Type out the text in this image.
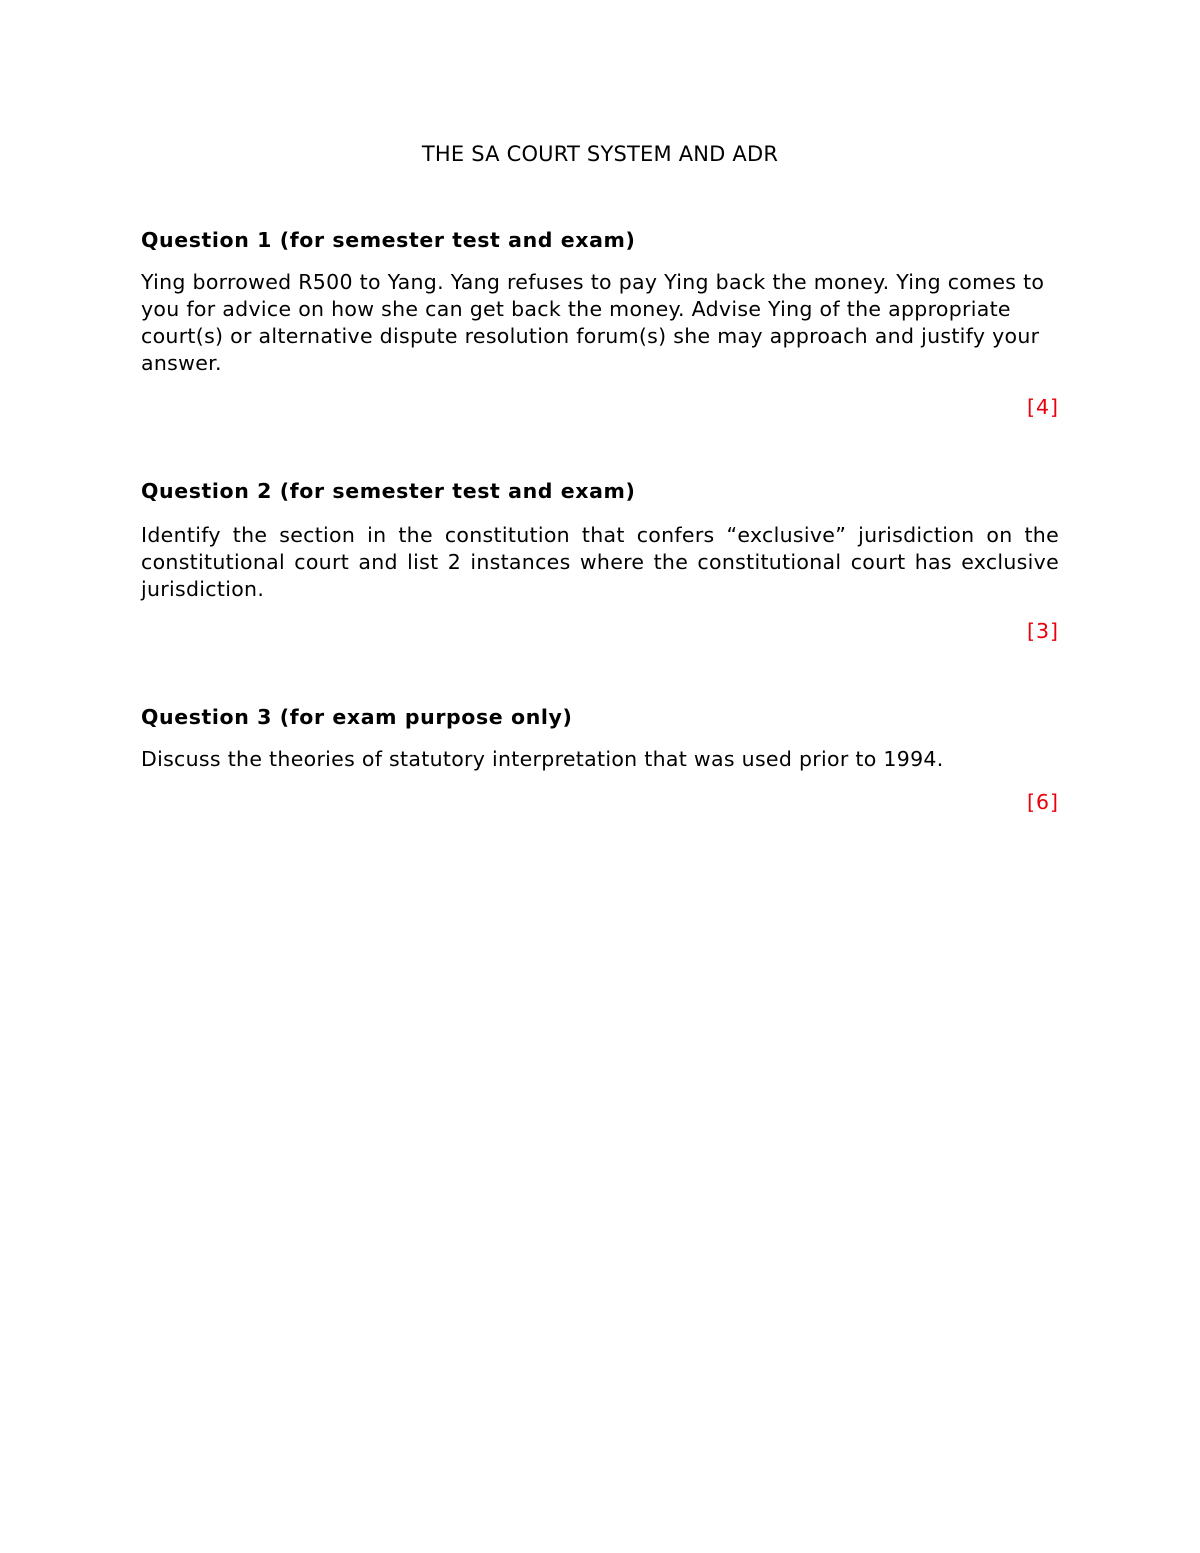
THE SA COURT SYSTEM AND ADR
Question 1 (for semester test and exam)
Ying borrowed R500 to Yang. Yang refuses to pay Ying back the money. Ying comes to you for advice on how she can get back the money. Advise Ying of the appropriate court(s) or alternative dispute resolution forum(s) she may approach and justify your answer.
[4]
Question 2 (for semester test and exam)
Identify the section in the constitution that confers “exclusive” jurisdiction on the constitutional court and list 2 instances where the constitutional court has exclusive jurisdiction.
[3]
Question 3 (for exam purpose only)
Discuss the theories of statutory interpretation that was used prior to 1994.
[6]
